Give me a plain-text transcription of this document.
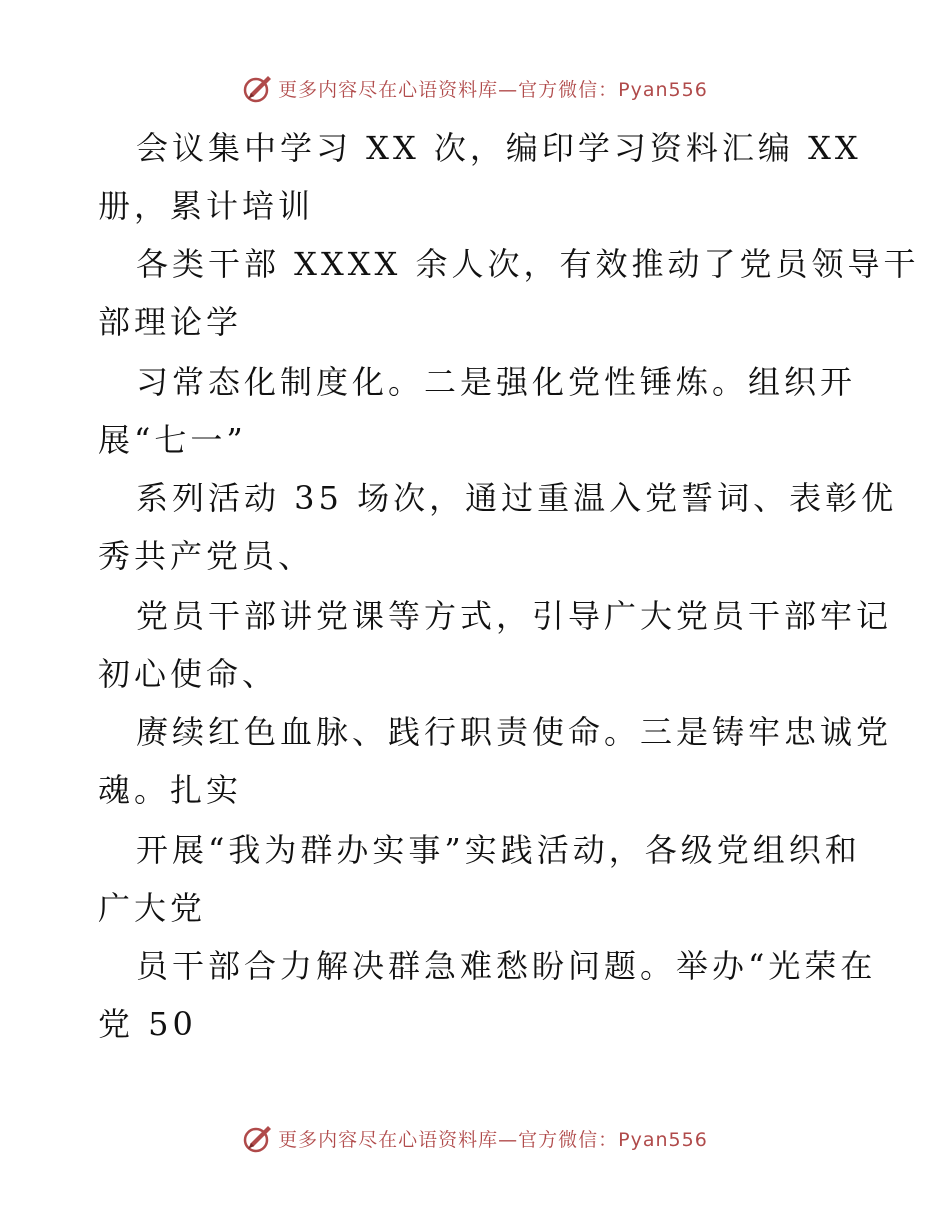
更多内容尽在心语资料库—官方微信：Pyan556
会议集中学习 XX 次，编印学习资料汇编 XX
册，累计培训
各类干部 XXXX 余人次，有效推动了党员领导干
部理论学
习常态化制度化。二是强化党性锤炼。组织开
展“七一”
系列活动 35 场次，通过重温入党誓词、表彰优
秀共产党员、
党员干部讲党课等方式，引导广大党员干部牢记
初心使命、
赓续红色血脉、践行职责使命。三是铸牢忠诚党
魂。扎实
开展“我为群办实事”实践活动，各级党组织和
广大党
员干部合力解决群急难愁盼问题。举办“光荣在
党 50
更多内容尽在心语资料库—官方微信：Pyan556
